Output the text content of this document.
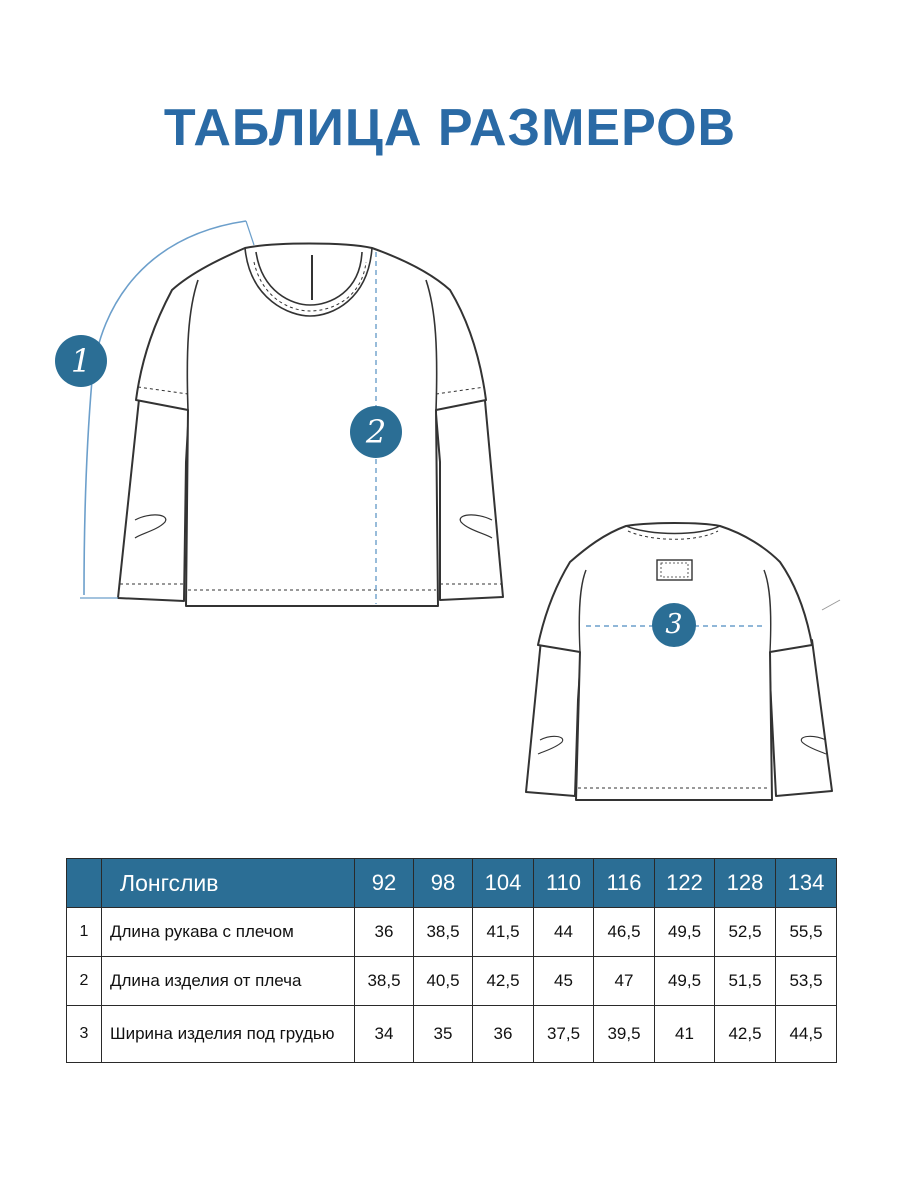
ТАБЛИЦА РАЗМЕРОВ
1
2
3
	Лонгслив	92	98	104	110	116	122	128	134
1	Длина рукава с плечом	36	38,5	41,5	44	46,5	49,5	52,5	55,5
2	Длина изделия от плеча	38,5	40,5	42,5	45	47	49,5	51,5	53,5
3	Ширина изделия под грудью	34	35	36	37,5	39,5	41	42,5	44,5
